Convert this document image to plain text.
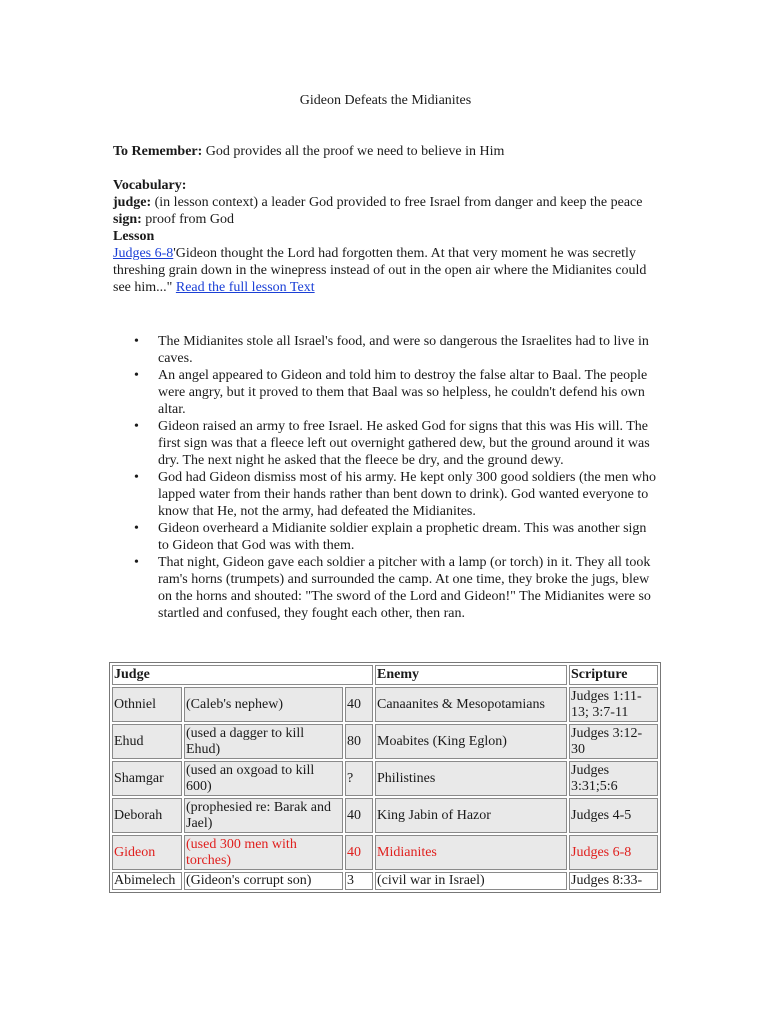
Gideon Defeats the Midianites
To Remember: God provides all the proof we need to believe in Him

Vocabulary:

judge: (in lesson context) a leader God provided to free Israel from danger and keep the peace

sign: proof from God

Lesson

Judges 6-8'Gideon thought the Lord had forgotten them. At that very moment he was secretly threshing grain down in the winepress instead of out in the open air where the Midianites could see him..." Read the full lesson Text

• The Midianites stole all Israel's food, and were so dangerous the Israelites had to live in caves.
• An angel appeared to Gideon and told him to destroy the false altar to Baal. The people were angry, but it proved to them that Baal was so helpless, he couldn't defend his own altar.
• Gideon raised an army to free Israel. He asked God for signs that this was His will. The first sign was that a fleece left out overnight gathered dew, but the ground around it was dry. The next night he asked that the fleece be dry, and the ground dewy.
• God had Gideon dismiss most of his army. He kept only 300 good soldiers (the men who lapped water from their hands rather than bent down to drink). God wanted everyone to know that He, not the army, had defeated the Midianites.
• Gideon overheard a Midianite soldier explain a prophetic dream. This was another sign to Gideon that God was with them.
• That night, Gideon gave each soldier a pitcher with a lamp (or torch) in it. They all took ram's horns (trumpets) and surrounded the camp. At one time, they broke the jugs, blew on the horns and shouted: "The sword of the Lord and Gideon!" The Midianites were so startled and confused, they fought each other, then ran.
Judge			Enemy	Scripture
Othniel	(Caleb's nephew)	40	Canaanites & Mesopotamians	Judges 1:11-13; 3:7-11
Ehud	(used a dagger to kill Ehud)	80	Moabites (King Eglon)	Judges 3:12-30
Shamgar	(used an oxgoad to kill 600)	?	Philistines	Judges 3:31;5:6
Deborah	(prophesied re: Barak and Jael)	40	King Jabin of Hazor	Judges 4-5
Gideon	(used 300 men with torches)	40	Midianites	Judges 6-8
Abimelech	(Gideon's corrupt son)	3	(civil war in Israel)	Judges 8:33-
